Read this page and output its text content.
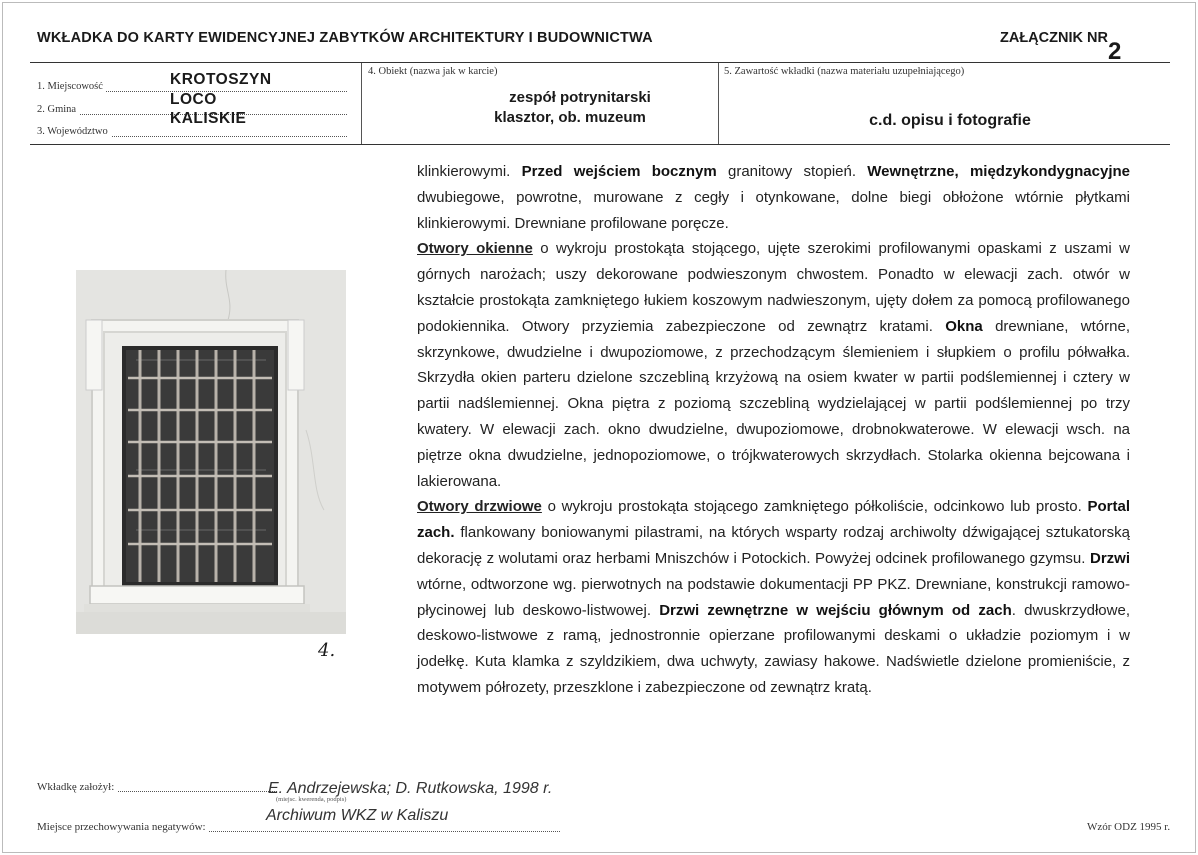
WKŁADKA DO KARTY EWIDENCYJNEJ ZABYTKÓW ARCHITEKTURY I BUDOWNICTWA	ZAŁĄCZNIK NR 2
1. Miejscowość	KROTOSZYN
2. Gmina
LOCO
3. Województwo
KALISKIE
4. Obiekt (nazwa jak w karcie)
zespół potrynitarski
klasztor, ob. muzeum
5. Zawartość wkładki (nazwa materiału uzupełniającego)
c.d. opisu i fotografie
4.

klinkierowymi. Przed wejściem bocznym granitowy stopień. Wewnętrzne, międzykondygnacyjne dwubiegowe, powrotne, murowane z cegły i otynkowane, dolne biegi obłożone wtórnie płytkami klinkierowymi. Drewniane profilowane poręcze.

Otwory okienne o wykroju prostokąta stojącego, ujęte szerokimi profilowanymi opaskami z uszami w górnych narożach; uszy dekorowane podwieszonym chwostem. Ponadto w elewacji zach. otwór w kształcie prostokąta zamkniętego łukiem koszowym nadwieszonym, ujęty dołem za pomocą profilowanego podokiennika. Otwory przyziemia zabezpieczone od zewnątrz kratami. Okna drewniane, wtórne, skrzynkowe, dwudzielne i dwupoziomowe, z przechodzącym ślemieniem i słupkiem o profilu półwałka. Skrzydła okien parteru dzielone szczebliną krzyżową na osiem kwater w partii podślemiennej i cztery w partii nadślemiennej. Okna piętra z poziomą szczebliną wydzielającej w partii podślemiennej po trzy kwatery. W elewacji zach. okno dwudzielne, dwupoziomowe, drobnokwaterowe. W elewacji wsch. na piętrze okna dwudzielne, jednopoziomowe, o trójkwaterowych skrzydłach. Stolarka okienna bejcowana i lakierowana.

Otwory drzwiowe o wykroju prostokąta stojącego zamkniętego półkoliście, odcinkowo lub prosto. Portal zach. flankowany boniowanymi pilastrami, na których wsparty rodzaj archiwolty dźwigającej sztukatorską dekorację z wolutami oraz herbami Mniszchów i Potockich. Powyżej odcinek profilowanego gzymsu. Drzwi wtórne, odtworzone wg. pierwotnych na podstawie dokumentacji PP PKZ. Drewniane, konstrukcji ramowo-płycinowej lub deskowo-listwowej. Drzwi zewnętrzne w wejściu głównym od zach. dwuskrzydłowe, deskowo-listwowe z ramą, jednostronnie opierzane profilowanymi deskami o układzie poziomym i w jodełkę. Kuta klamka z szyldzikiem, dwa uchwyty, zawiasy hakowe. Nadświetle dzielone promieniście, z motywem półrozety, przeszklone i zabezpieczone od zewnątrz kratą.

Wkładkę założył:	E. Andrzejewska; D. Rutkowska, 1998 r.
(miejsc. kwerenda, podpis)
Miejsce przechowywania negatywów:
Archiwum WKZ w Kaliszu
Wzór ODZ 1995 r.
